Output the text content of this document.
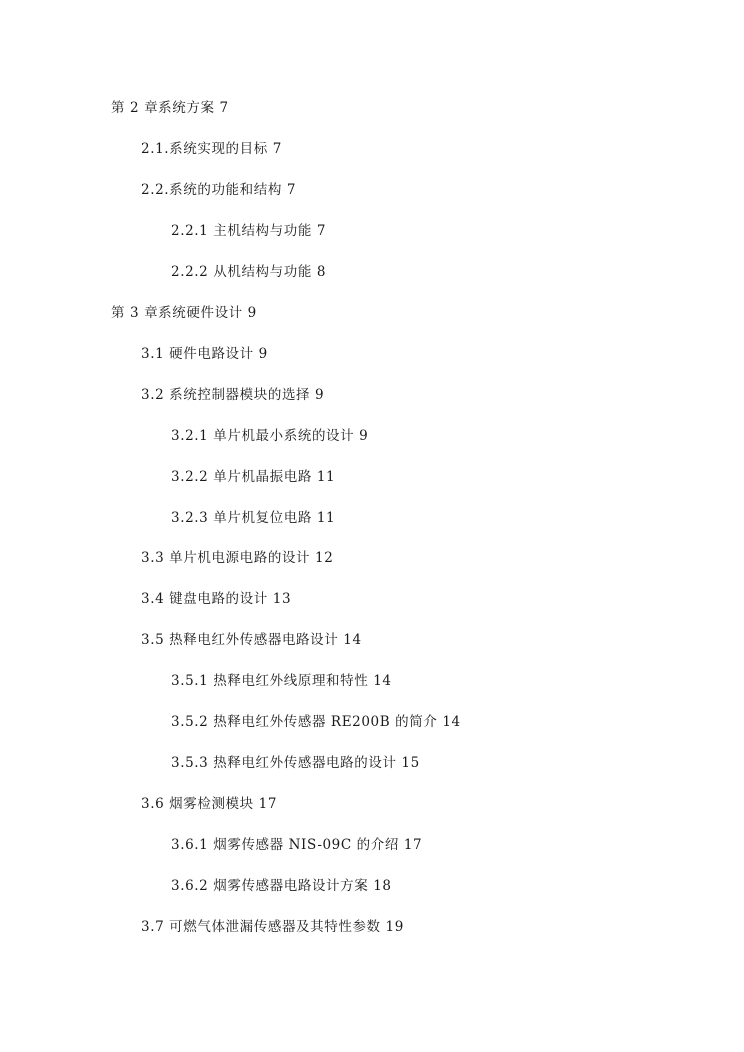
第 2 章系统方案 7
2.1.系统实现的目标 7
2.2.系统的功能和结构 7
2.2.1 主机结构与功能 7
2.2.2 从机结构与功能 8
第 3 章系统硬件设计 9
3.1 硬件电路设计 9
3.2 系统控制器模块的选择 9
3.2.1 单片机最小系统的设计 9
3.2.2 单片机晶振电路 11
3.2.3 单片机复位电路 11
3.3 单片机电源电路的设计 12
3.4 键盘电路的设计 13
3.5 热释电红外传感器电路设计 14
3.5.1 热释电红外线原理和特性 14
3.5.2 热释电红外传感器 RE200B 的简介 14
3.5.3 热释电红外传感器电路的设计 15
3.6 烟雾检测模块 17
3.6.1 烟雾传感器 NIS-09C 的介绍 17
3.6.2 烟雾传感器电路设计方案 18
3.7 可燃气体泄漏传感器及其特性参数 19
